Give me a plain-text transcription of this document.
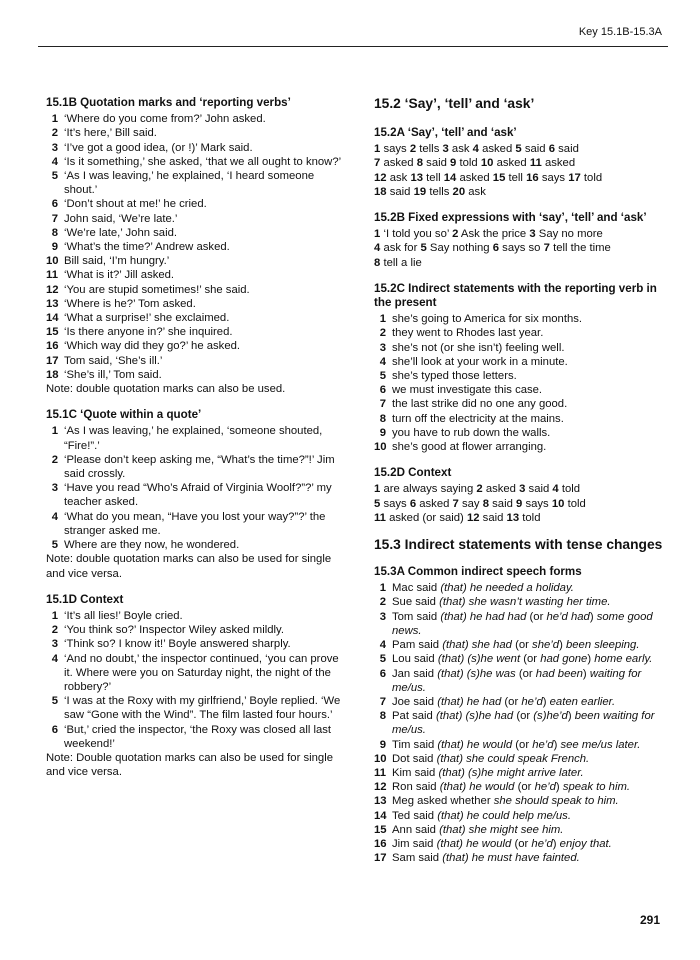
Key 15.1B-15.3A
15.1B Quotation marks and ‘reporting verbs’
1 ‘Where do you come from?’ John asked.
2 ‘It’s here,’ Bill said.
3 ‘I’ve got a good idea, (or !)’ Mark said.
4 ‘Is it something,’ she asked, ‘that we all ought to know?’
5 ‘As I was leaving,’ he explained, ‘I heard someone shout.’
6 ‘Don’t shout at me!’ he cried.
7 John said, ‘We’re late.’
8 ‘We’re late,’ John said.
9 ‘What’s the time?’ Andrew asked.
10 Bill said, ‘I’m hungry.’
11 ‘What is it?’ Jill asked.
12 ‘You are stupid sometimes!’ she said.
13 ‘Where is he?’ Tom asked.
14 ‘What a surprise!’ she exclaimed.
15 ‘Is there anyone in?’ she inquired.
16 ‘Which way did they go?’ he asked.
17 Tom said, ‘She’s ill.’
18 ‘She’s ill,’ Tom said.
Note: double quotation marks can also be used.
15.1C ‘Quote within a quote’
1 ‘As I was leaving,’ he explained, ‘someone shouted, “Fire!”.’
2 ‘Please don’t keep asking me, “What’s the time?”!’ Jim said crossly.
3 ‘Have you read “Who’s Afraid of Virginia Woolf?”?’ my teacher asked.
4 ‘What do you mean, “Have you lost your way?”?’ the stranger asked me.
5 Where are they now, he wondered.
Note: double quotation marks can also be used for single and vice versa.
15.1D Context
1 ‘It’s all lies!’ Boyle cried.
2 ‘You think so?’ Inspector Wiley asked mildly.
3 ‘Think so? I know it!’ Boyle answered sharply.
4 ‘And no doubt,’ the inspector continued, ‘you can prove it. Where were you on Saturday night, the night of the robbery?’
5 ‘I was at the Roxy with my girlfriend,’ Boyle replied. ‘We saw “Gone with the Wind”. The film lasted four hours.’
6 ‘But,’ cried the inspector, ‘the Roxy was closed all last weekend!’
Note: Double quotation marks can also be used for single and vice versa.
15.2 ‘Say’, ‘tell’ and ‘ask’
15.2A ‘Say’, ‘tell’ and ‘ask’
1 says 2 tells 3 ask 4 asked 5 said 6 said
7 asked 8 said 9 told 10 asked 11 asked
12 ask 13 tell 14 asked 15 tell 16 says 17 told
18 said 19 tells 20 ask
15.2B Fixed expressions with ‘say’, ‘tell’ and ‘ask’
1 ‘I told you so’ 2 Ask the price 3 Say no more
4 ask for 5 Say nothing 6 says so 7 tell the time
8 tell a lie
15.2C Indirect statements with the reporting verb in the present
1 she’s going to America for six months.
2 they went to Rhodes last year.
3 she’s not (or she isn’t) feeling well.
4 she’ll look at your work in a minute.
5 she’s typed those letters.
6 we must investigate this case.
7 the last strike did no one any good.
8 turn off the electricity at the mains.
9 you have to rub down the walls.
10 she’s good at flower arranging.
15.2D Context
1 are always saying 2 asked 3 said 4 told
5 says 6 asked 7 say 8 said 9 says 10 told
11 asked (or said) 12 said 13 told
15.3 Indirect statements with tense changes
15.3A Common indirect speech forms
1 Mac said (that) he needed a holiday.
2 Sue said (that) she wasn’t wasting her time.
3 Tom said (that) he had had (or he’d had) some good news.
4 Pam said (that) she had (or she’d) been sleeping.
5 Lou said (that) (s)he went (or had gone) home early.
6 Jan said (that) (s)he was (or had been) waiting for me/us.
7 Joe said (that) he had (or he’d) eaten earlier.
8 Pat said (that) (s)he had (or (s)he’d) been waiting for me/us.
9 Tim said (that) he would (or he’d) see me/us later.
10 Dot said (that) she could speak French.
11 Kim said (that) (s)he might arrive later.
12 Ron said (that) he would (or he’d) speak to him.
13 Meg asked whether she should speak to him.
14 Ted said (that) he could help me/us.
15 Ann said (that) she might see him.
16 Jim said (that) he would (or he’d) enjoy that.
17 Sam said (that) he must have fainted.
291
